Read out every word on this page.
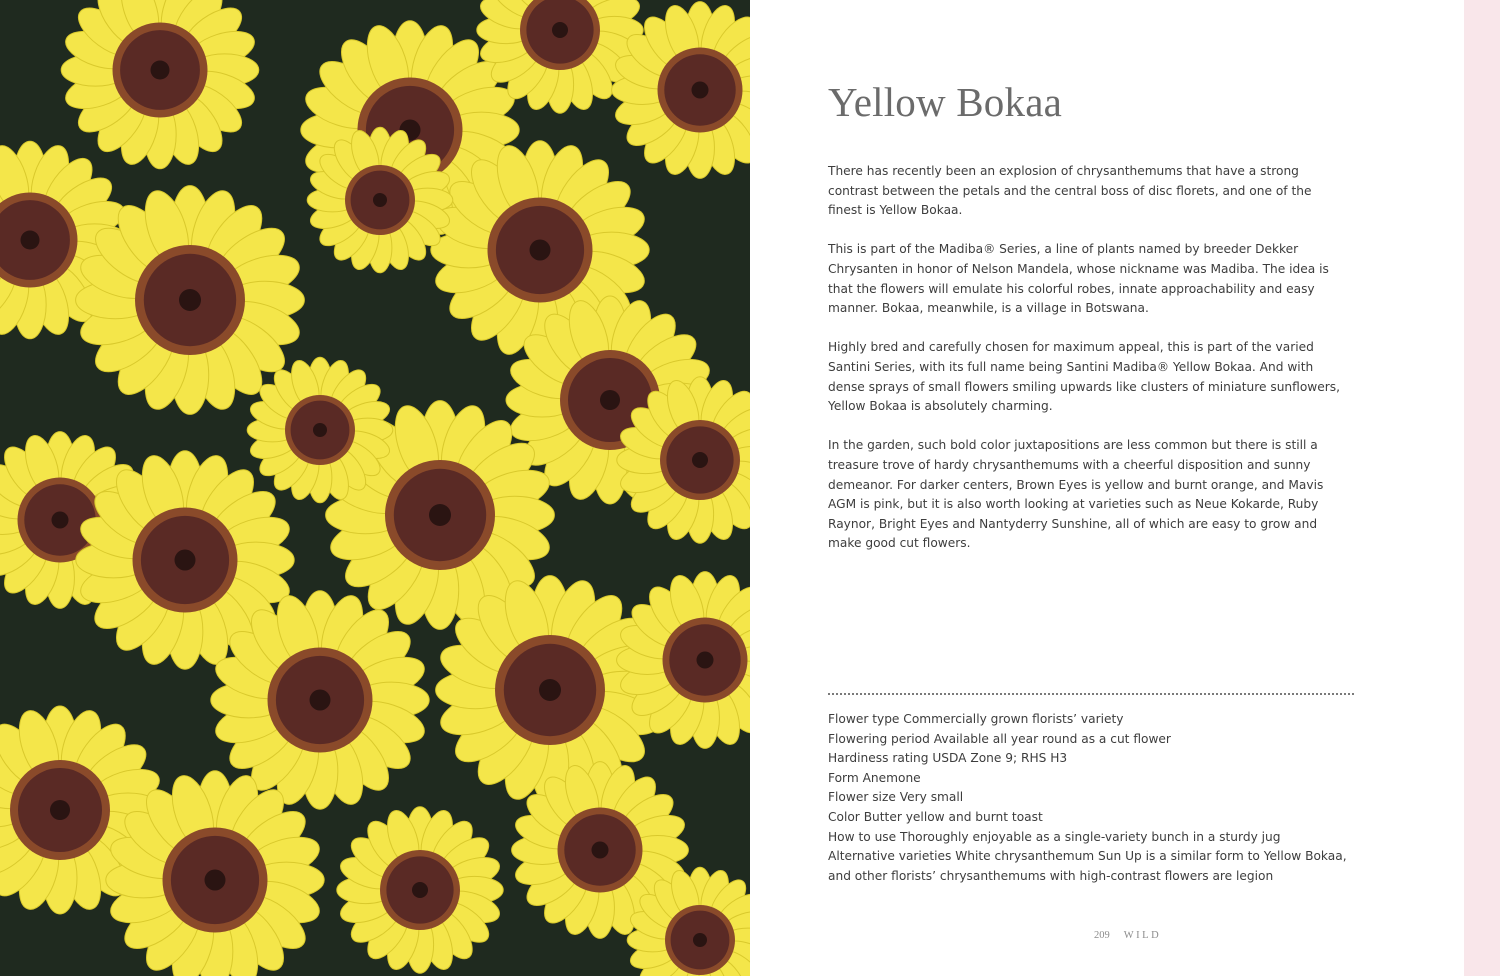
Yellow Bokaa

There has recently been an explosion of chrysanthemums that have a strong contrast between the petals and the central boss of disc florets, and one of the finest is Yellow Bokaa.

This is part of the Madiba® Series, a line of plants named by breeder Dekker Chrysanten in honor of Nelson Mandela, whose nickname was Madiba. The idea is that the flowers will emulate his colorful robes, innate approachability and easy manner. Bokaa, meanwhile, is a village in Botswana.

Highly bred and carefully chosen for maximum appeal, this is part of the varied Santini Series, with its full name being Santini Madiba® Yellow Bokaa. And with dense sprays of small flowers smiling upwards like clusters of miniature sunflowers, Yellow Bokaa is absolutely charming.

In the garden, such bold color juxtapositions are less common but there is still a treasure trove of hardy chrysanthemums with a cheerful disposition and sunny demeanor. For darker centers, Brown Eyes is yellow and burnt orange, and Mavis AGM is pink, but it is also worth looking at varieties such as Neue Kokarde, Ruby Raynor, Bright Eyes and Nantyderry Sunshine, all of which are easy to grow and make good cut flowers.

Flower type Commercially grown florists’ variety

Flowering period Available all year round as a cut flower

Hardiness rating USDA Zone 9; RHS H3

Form Anemone

Flower size Very small

Color Butter yellow and burnt toast

How to use Thoroughly enjoyable as a single-variety bunch in a sturdy jug

Alternative varieties White chrysanthemum Sun Up is a similar form to Yellow Bokaa, and other florists’ chrysanthemums with high-contrast flowers are legion

209 WILD
